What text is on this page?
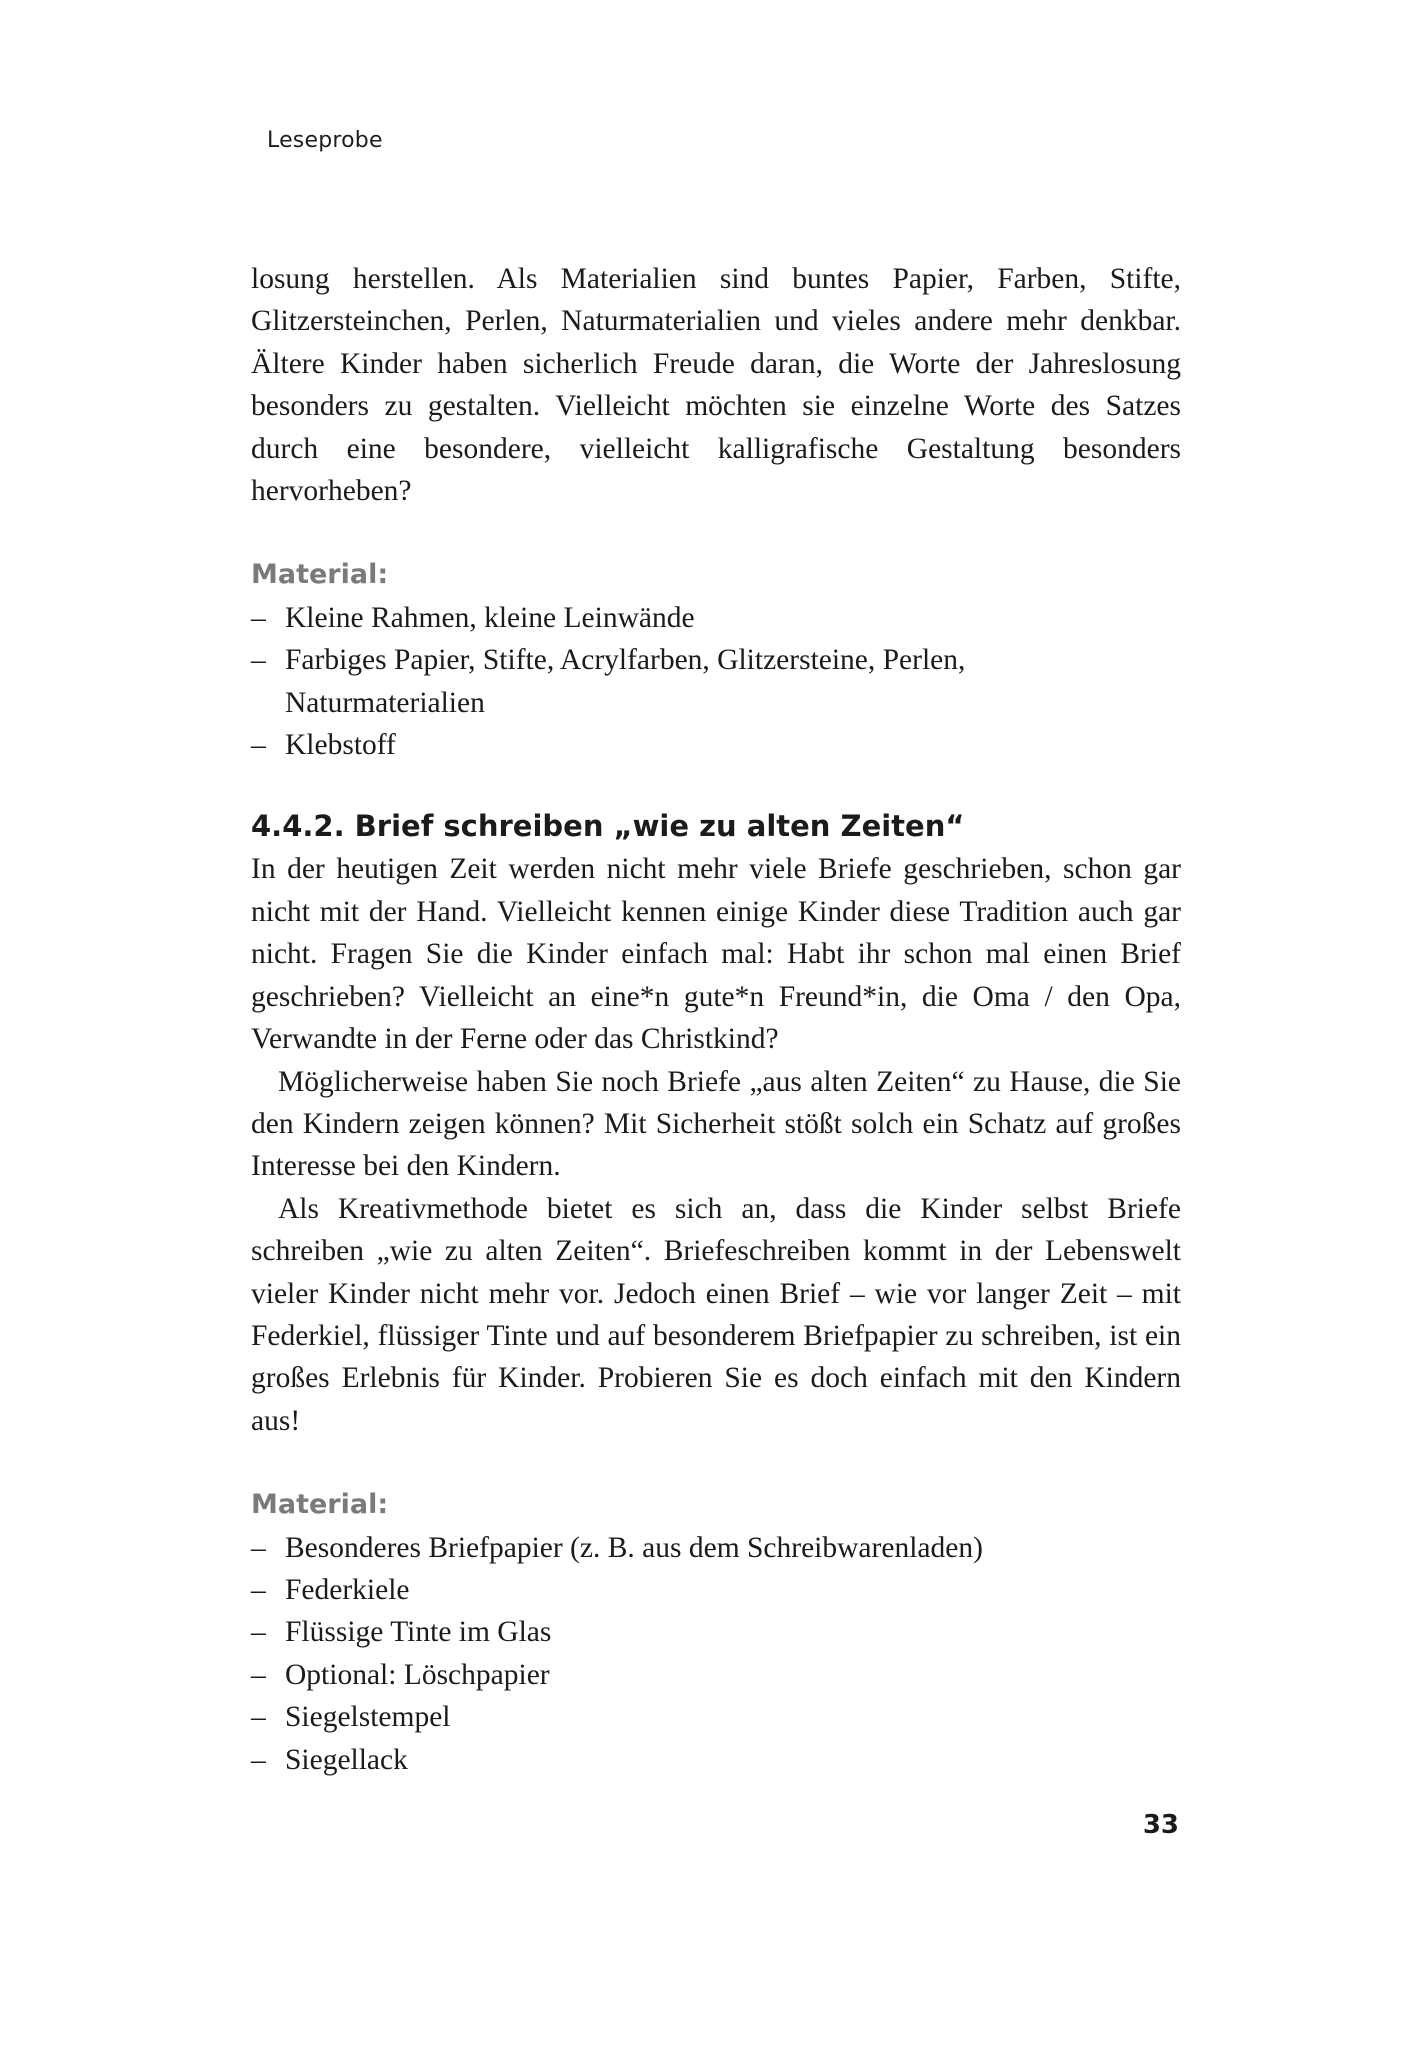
Leseprobe

losung herstellen. Als Materialien sind buntes Papier, Farben, Stifte, Glitzersteinchen, Perlen, Naturmaterialien und vieles andere mehr denkbar. Ältere Kinder haben sicherlich Freude daran, die Worte der Jahreslosung besonders zu gestalten. Vielleicht möchten sie einzelne Worte des Satzes durch eine besondere, vielleicht kalligrafische Gestaltung besonders hervorheben?

Material:

– Kleine Rahmen, kleine Leinwände
– Farbiges Papier, Stifte, Acrylfarben, Glitzersteine, Perlen, Naturmaterialien
– Klebstoff

4.4.2. Brief schreiben „wie zu alten Zeiten“

In der heutigen Zeit werden nicht mehr viele Briefe geschrieben, schon gar nicht mit der Hand. Vielleicht kennen einige Kinder diese Tradition auch gar nicht. Fragen Sie die Kinder einfach mal: Habt ihr schon mal einen Brief geschrieben? Vielleicht an eine*n gute*n Freund*in, die Oma / den Opa, Verwandte in der Ferne oder das Christkind?

Möglicherweise haben Sie noch Briefe „aus alten Zeiten“ zu Hause, die Sie den Kindern zeigen können? Mit Sicherheit stößt solch ein Schatz auf großes Interesse bei den Kindern.

Als Kreativmethode bietet es sich an, dass die Kinder selbst Briefe schreiben „wie zu alten Zeiten“. Briefeschreiben kommt in der Lebenswelt vieler Kinder nicht mehr vor. Jedoch einen Brief – wie vor langer Zeit – mit Federkiel, flüssiger Tinte und auf besonderem Briefpapier zu schreiben, ist ein großes Erlebnis für Kinder. Probieren Sie es doch einfach mit den Kindern aus!

Material:

– Besonderes Briefpapier (z. B. aus dem Schreibwarenladen)
– Federkiele
– Flüssige Tinte im Glas
– Optional: Löschpapier
– Siegelstempel
– Siegellack
33
